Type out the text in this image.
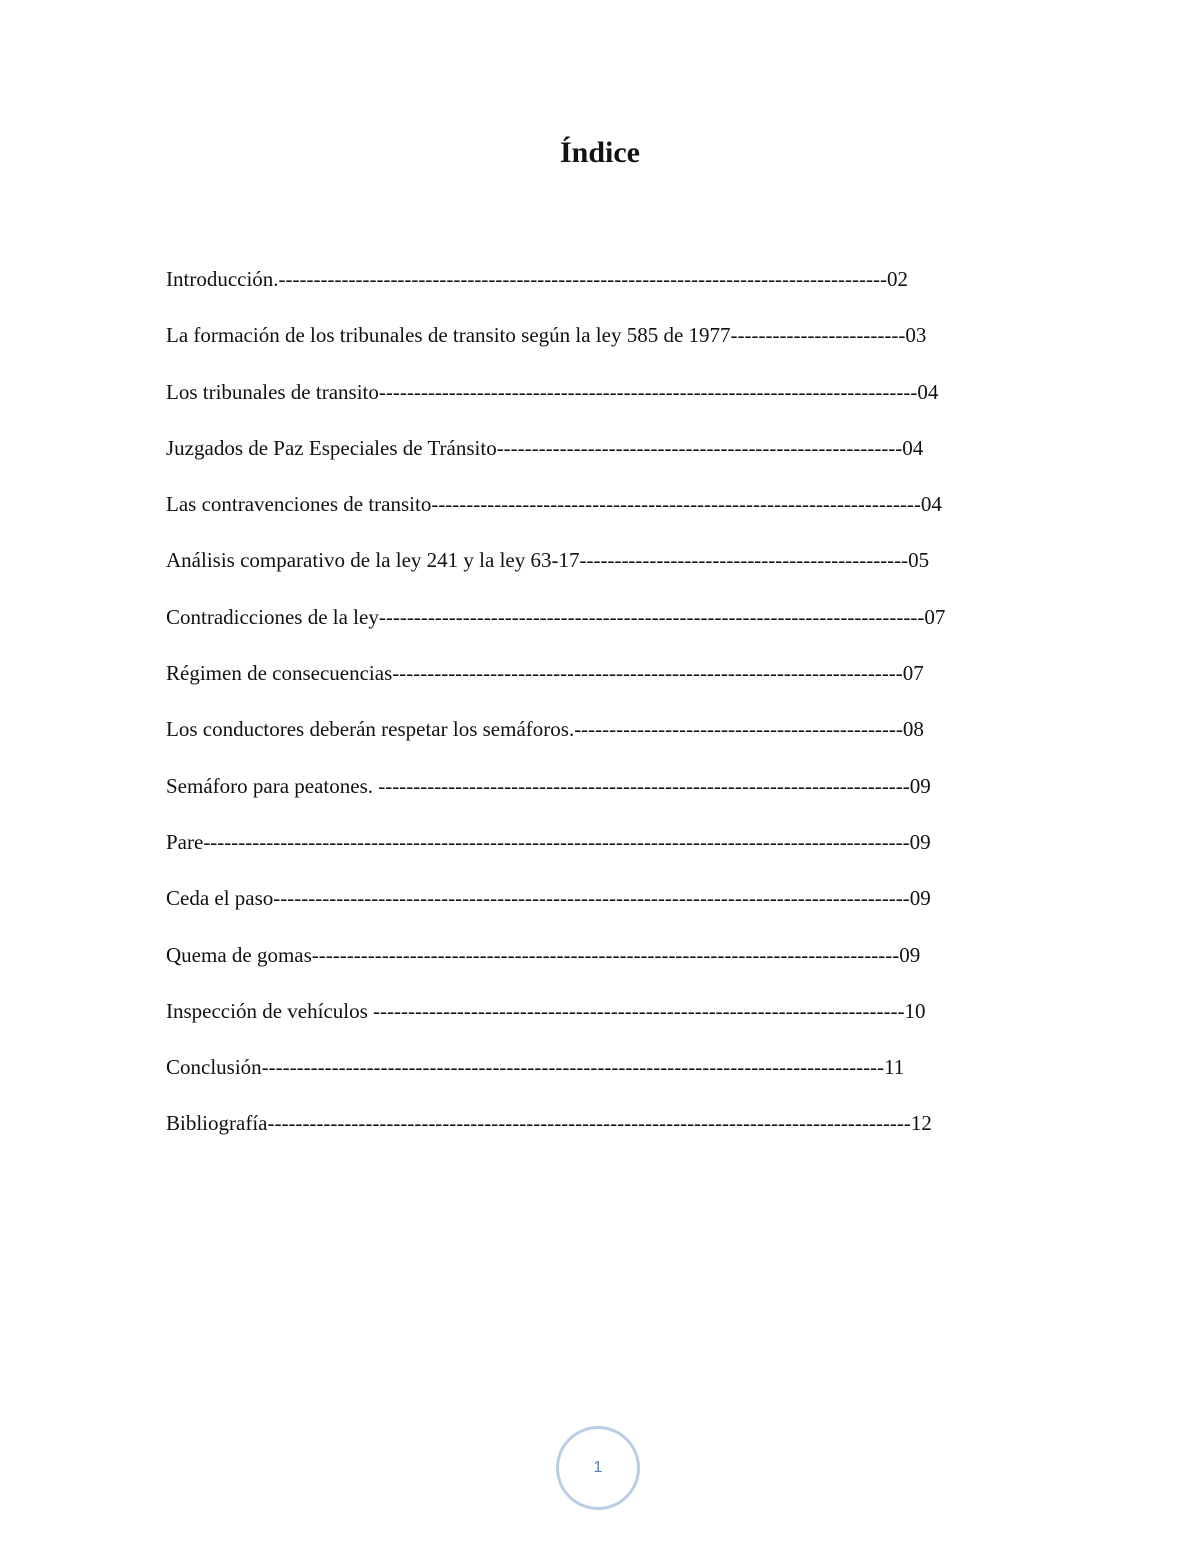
Índice
Introducción.---------------------------------------------------------------------------------------02
La formación de los tribunales de transito según la ley 585 de 1977-------------------------03
Los tribunales de transito-----------------------------------------------------------------------------04
Juzgados de Paz Especiales de Tránsito----------------------------------------------------------04
Las contravenciones de transito----------------------------------------------------------------------04
Análisis comparativo de la ley 241 y la ley 63-17-----------------------------------------------05
Contradicciones de la ley------------------------------------------------------------------------------07
Régimen de consecuencias-------------------------------------------------------------------------07
Los conductores deberán respetar los semáforos.-----------------------------------------------08
Semáforo para peatones. ----------------------------------------------------------------------------09
Pare-----------------------------------------------------------------------------------------------------09
Ceda el paso-------------------------------------------------------------------------------------------09
Quema de gomas------------------------------------------------------------------------------------09
Inspección de vehículos ----------------------------------------------------------------------------10
Conclusión-----------------------------------------------------------------------------------------11
Bibliografía--------------------------------------------------------------------------------------------12
1
